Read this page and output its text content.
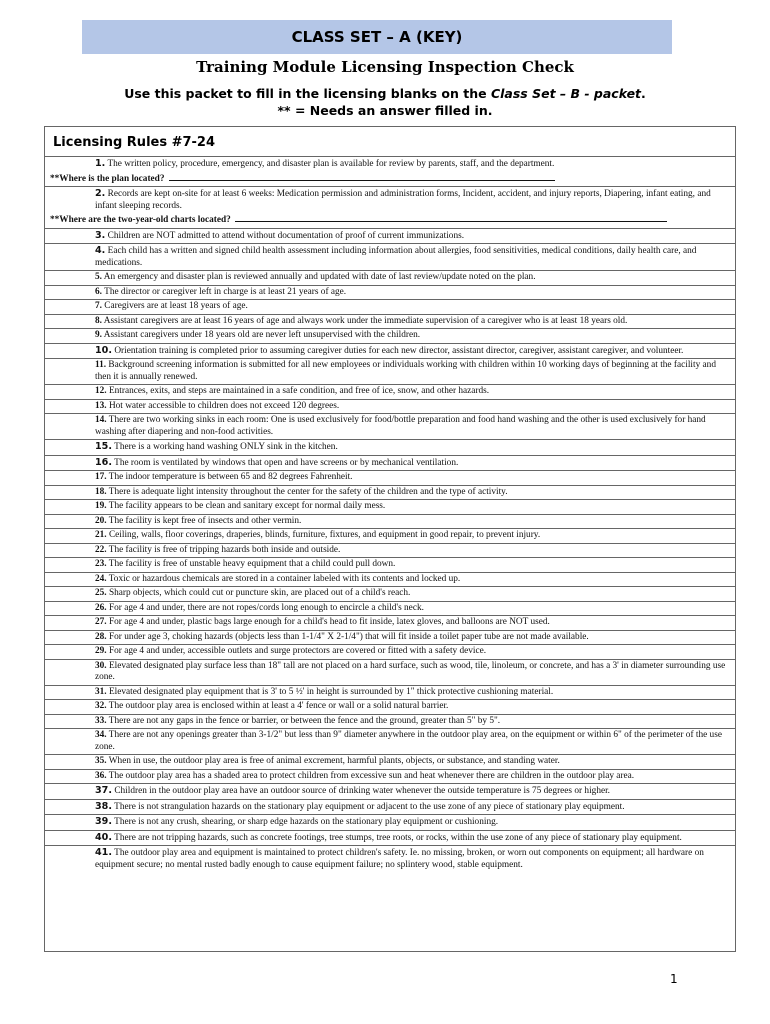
CLASS SET – A (KEY)
Training Module Licensing Inspection Check
Use this packet to fill in the licensing blanks on the Class Set – B - packet.
** = Needs an answer filled in.
Licensing Rules #7-24
1. The written policy, procedure, emergency, and disaster plan is available for review by parents, staff, and the department.
**Where is the plan located?
2. Records are kept on-site for at least 6 weeks: Medication permission and administration forms, Incident, accident, and injury reports, Diapering, infant eating, and infant sleeping records.
**Where are the two-year-old charts located?
3. Children are NOT admitted to attend without documentation of proof of current immunizations.
4. Each child has a written and signed child health assessment including information about allergies, food sensitivities, medical conditions, daily health care, and medications.
5. An emergency and disaster plan is reviewed annually and updated with date of last review/update noted on the plan.
6. The director or caregiver left in charge is at least 21 years of age.
7. Caregivers are at least 18 years of age.
8. Assistant caregivers are at least 16 years of age and always work under the immediate supervision of a caregiver who is at least 18 years old.
9. Assistant caregivers under 18 years old are never left unsupervised with the children.
10. Orientation training is completed prior to assuming caregiver duties for each new director, assistant director, caregiver, assistant caregiver, and volunteer.
11. Background screening information is submitted for all new employees or individuals working with children within 10 working days of beginning at the facility and then it is annually renewed.
12. Entrances, exits, and steps are maintained in a safe condition, and free of ice, snow, and other hazards.
13. Hot water accessible to children does not exceed 120 degrees.
14. There are two working sinks in each room: One is used exclusively for food/bottle preparation and food hand washing and the other is used exclusively for hand washing after diapering and non-food activities.
15. There is a working hand washing ONLY sink in the kitchen.
16. The room is ventilated by windows that open and have screens or by mechanical ventilation.
17. The indoor temperature is between 65 and 82 degrees Fahrenheit.
18. There is adequate light intensity throughout the center for the safety of the children and the type of activity.
19. The facility appears to be clean and sanitary except for normal daily mess.
20. The facility is kept free of insects and other vermin.
21. Ceiling, walls, floor coverings, draperies, blinds, furniture, fixtures, and equipment in good repair, to prevent injury.
22. The facility is free of tripping hazards both inside and outside.
23. The facility is free of unstable heavy equipment that a child could pull down.
24. Toxic or hazardous chemicals are stored in a container labeled with its contents and locked up.
25. Sharp objects, which could cut or puncture skin, are placed out of a child's reach.
26. For age 4 and under, there are not ropes/cords long enough to encircle a child's neck.
27. For age 4 and under, plastic bags large enough for a child's head to fit inside, latex gloves, and balloons are NOT used.
28. For under age 3, choking hazards (objects less than 1-1/4" X 2-1/4") that will fit inside a toilet paper tube are not made available.
29. For age 4 and under, accessible outlets and surge protectors are covered or fitted with a safety device.
30. Elevated designated play surface less than 18" tall are not placed on a hard surface, such as wood, tile, linoleum, or concrete, and has a 3' in diameter surrounding use zone.
31. Elevated designated play equipment that is 3' to 5 ½' in height is surrounded by 1" thick protective cushioning material.
32. The outdoor play area is enclosed within at least a 4' fence or wall or a solid natural barrier.
33. There are not any gaps in the fence or barrier, or between the fence and the ground, greater than 5" by 5".
34. There are not any openings greater than 3-1/2" but less than 9" diameter anywhere in the outdoor play area, on the equipment or within 6" of the perimeter of the use zone.
35. When in use, the outdoor play area is free of animal excrement, harmful plants, objects, or substance, and standing water.
36. The outdoor play area has a shaded area to protect children from excessive sun and heat whenever there are children in the outdoor play area.
37. Children in the outdoor play area have an outdoor source of drinking water whenever the outside temperature is 75 degrees or higher.
38. There is not strangulation hazards on the stationary play equipment or adjacent to the use zone of any piece of stationary play equipment.
39. There is not any crush, shearing, or sharp edge hazards on the stationary play equipment or cushioning.
40. There are not tripping hazards, such as concrete footings, tree stumps, tree roots, or rocks, within the use zone of any piece of stationary play equipment.
41. The outdoor play area and equipment is maintained to protect children's safety. Ie. no missing, broken, or worn out components on equipment; all hardware on equipment secure; no mental rusted badly enough to cause equipment failure; no splintery wood, stable equipment.
1
